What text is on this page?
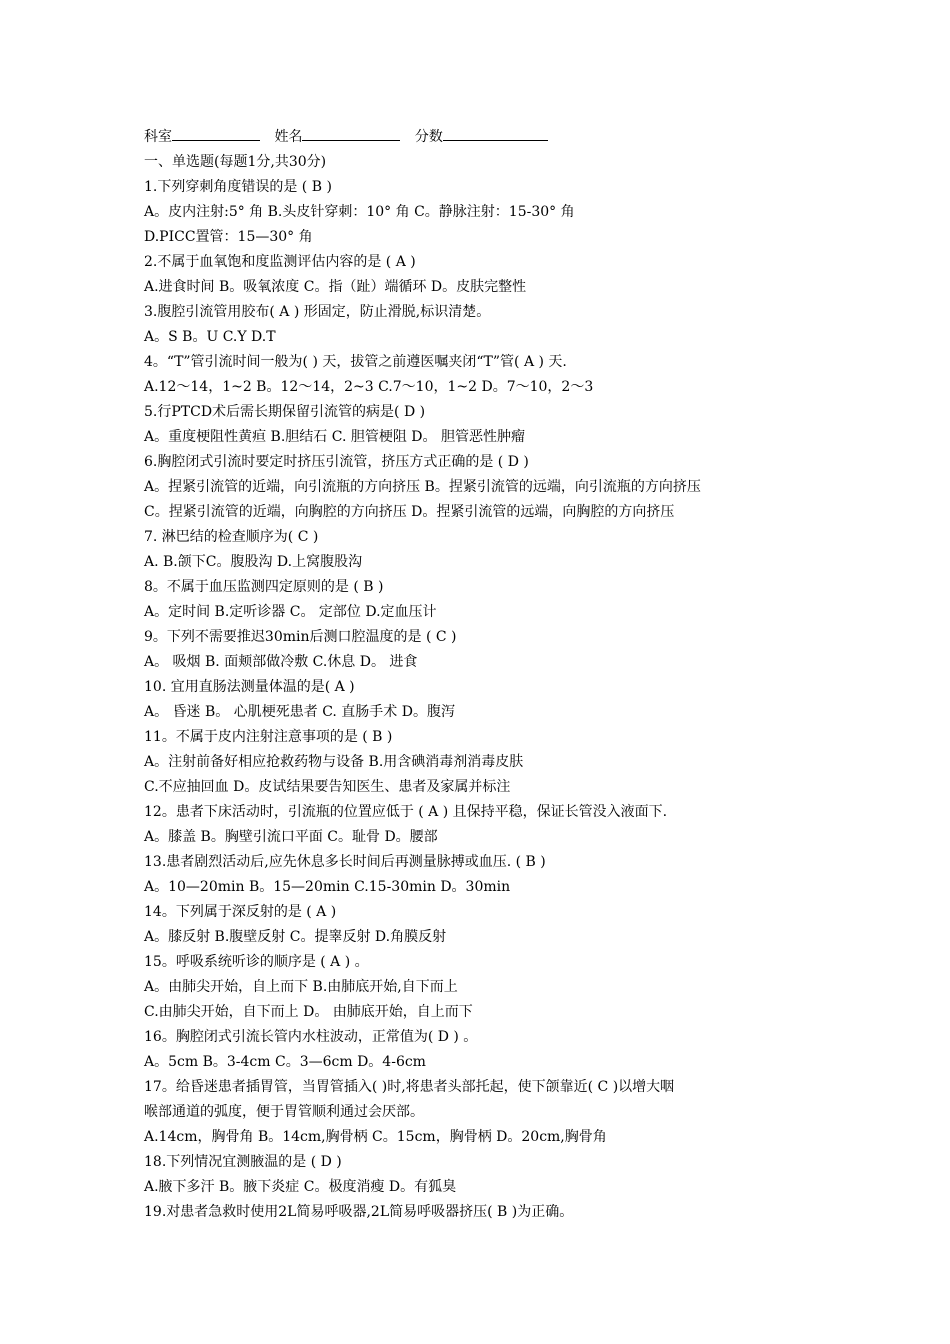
科室	姓名	分数
一、单选题(每题1分,共30分)
1.下列穿刺角度错误的是 ( B )
A。皮内注射:5° 角 B.头皮针穿刺：10° 角 C。静脉注射：15-30° 角
D.PICC置管：15—30° 角
2.不属于血氧饱和度监测评估内容的是 ( A )
A.进食时间 B。吸氧浓度 C。指（趾）端循环 D。皮肤完整性
3.腹腔引流管用胶布( A ) 形固定，防止滑脱,标识清楚。
A。S B。U C.Y D.T
4。“T”管引流时间一般为( ) 天，拔管之前遵医嘱夹闭“T”管( A ) 天.
A.12～14，1~2 B。12～14，2~3 C.7～10，1~2 D。7～10，2～3
5.行PTCD术后需长期保留引流管的病是( D )
A。重度梗阻性黄疸 B.胆结石 C. 胆管梗阻 D。 胆管恶性肿瘤
6.胸腔闭式引流时要定时挤压引流管，挤压方式正确的是 ( D )
A。捏紧引流管的近端，向引流瓶的方向挤压 B。捏紧引流管的远端，向引流瓶的方向挤压
C。捏紧引流管的近端，向胸腔的方向挤压 D。捏紧引流管的远端，向胸腔的方向挤压
7. 淋巴结的检查顺序为( C )
A. B.颌下C。腹股沟 D.上窝腹股沟
8。不属于血压监测四定原则的是 ( B )
A。定时间 B.定听诊器 C。 定部位 D.定血压计
9。下列不需要推迟30min后测口腔温度的是 ( C )
A。 吸烟 B. 面颊部做冷敷 C.休息 D。 进食
10. 宜用直肠法测量体温的是( A )
A。 昏迷 B。 心肌梗死患者 C. 直肠手术 D。腹泻
11。不属于皮内注射注意事项的是 ( B )
A。注射前备好相应抢救药物与设备 B.用含碘消毒剂消毒皮肤
C.不应抽回血 D。皮试结果要告知医生、患者及家属并标注
12。患者下床活动时，引流瓶的位置应低于 ( A ) 且保持平稳，保证长管没入液面下.
A。膝盖 B。胸壁引流口平面 C。耻骨 D。腰部
13.患者剧烈活动后,应先休息多长时间后再测量脉搏或血压. ( B )
A。10—20min B。15—20min C.15-30min D。30min
14。下列属于深反射的是 ( A )
A。膝反射 B.腹壁反射 C。提睾反射 D.角膜反射
15。呼吸系统听诊的顺序是 ( A ) 。
A。由肺尖开始，自上而下 B.由肺底开始,自下而上
C.由肺尖开始，自下而上 D。 由肺底开始，自上而下
16。胸腔闭式引流长管内水柱波动，正常值为( D ) 。
A。5cm B。3-4cm C。3—6cm D。4-6cm
17。给昏迷患者插胃管，当胃管插入( )时,将患者头部托起，使下颌靠近( C )以增大咽
喉部通道的弧度，便于胃管顺利通过会厌部。
A.14cm，胸骨角 B。14cm,胸骨柄 C。15cm，胸骨柄 D。20cm,胸骨角
18.下列情况宜测腋温的是 ( D )
A.腋下多汗 B。腋下炎症 C。极度消瘦 D。有狐臭
19.对患者急救时使用2L简易呼吸器,2L简易呼吸器挤压( B )为正确。
